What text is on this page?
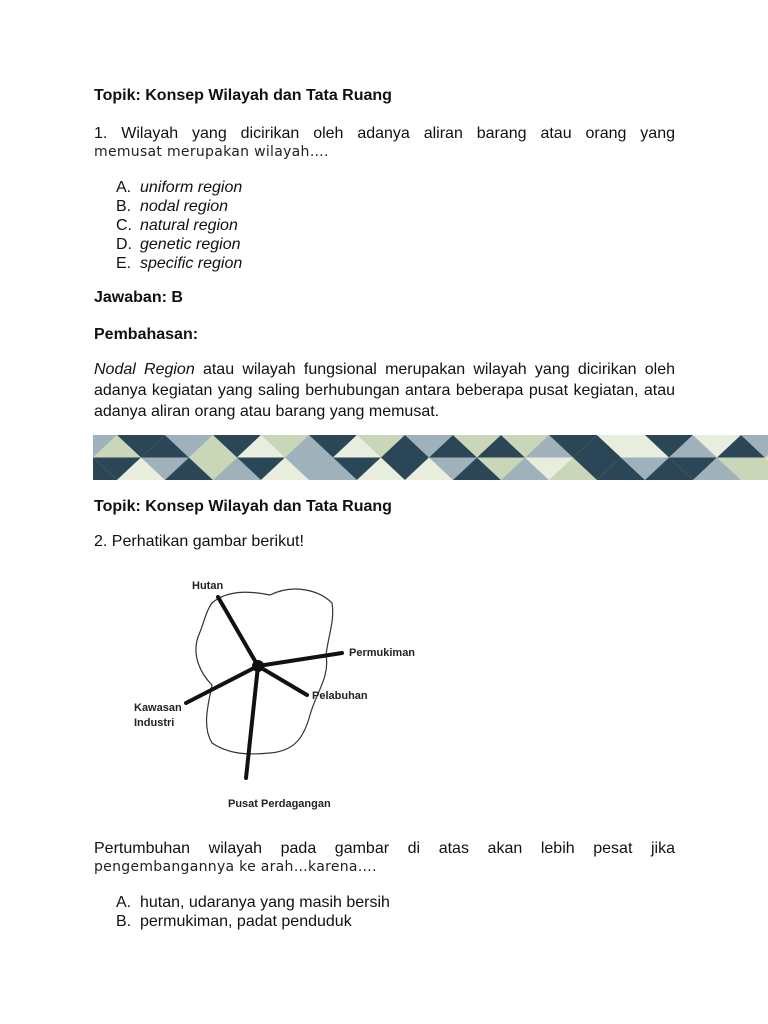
Topik: Konsep Wilayah dan Tata Ruang
1. Wilayah yang dicirikan oleh adanya aliran barang atau orang yang
memusat merupakan wilayah….
A. uniform region
B. nodal region
C. natural region
D. genetic region
E. specific region
Jawaban: B
Pembahasan:
Nodal Region atau wilayah fungsional merupakan wilayah yang dicirikan oleh adanya kegiatan yang saling berhubungan antara beberapa pusat kegiatan, atau adanya aliran orang atau barang yang memusat.
Topik: Konsep Wilayah dan Tata Ruang
2. Perhatikan gambar berikut!
Hutan
Permukiman
Pelabuhan
Kawasan
Industri
Pusat Perdagangan
Pertumbuhan wilayah pada gambar di atas akan lebih pesat jika
pengembangannya ke arah…karena….
A. hutan, udaranya yang masih bersih
B. permukiman, padat penduduk
